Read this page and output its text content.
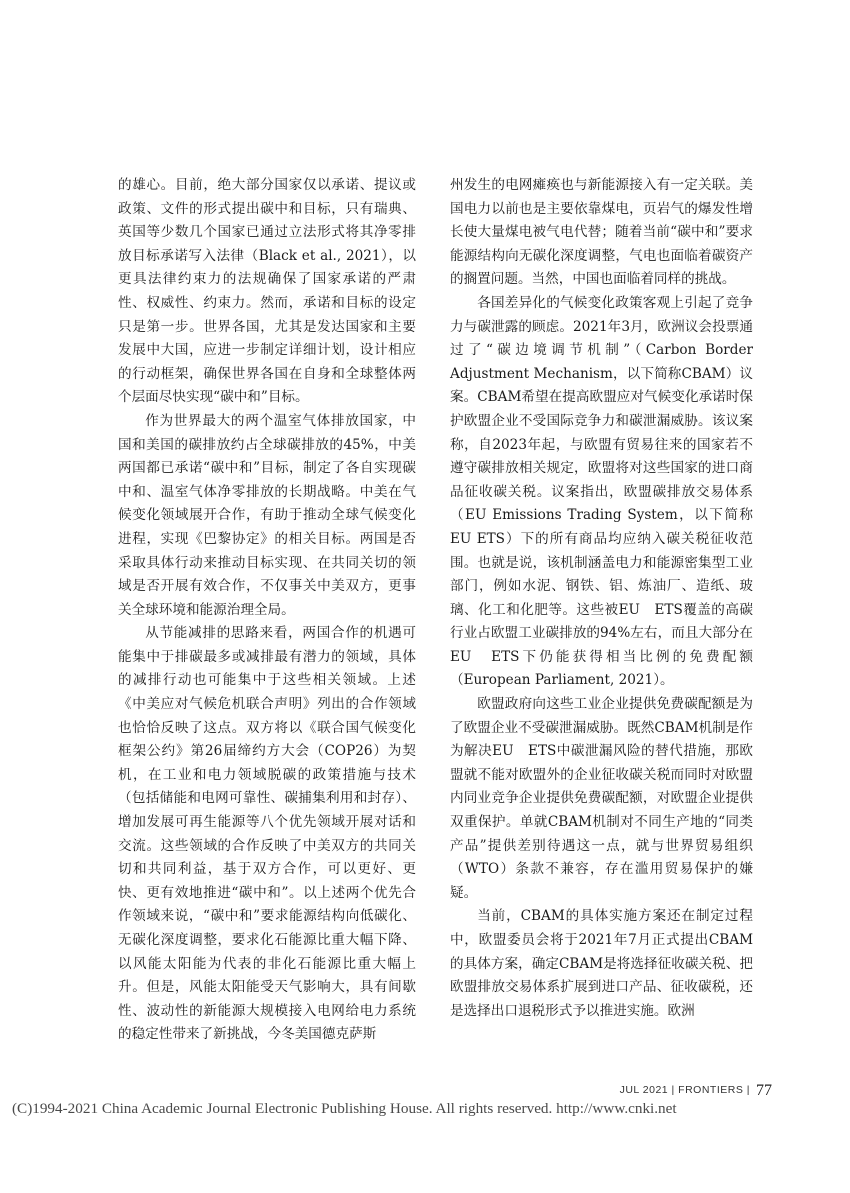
的雄心。目前，绝大部分国家仅以承诺、提议或政策、文件的形式提出碳中和目标，只有瑞典、英国等少数几个国家已通过立法形式将其净零排放目标承诺写入法律（Black et al., 2021），以更具法律约束力的法规确保了国家承诺的严肃性、权威性、约束力。然而，承诺和目标的设定只是第一步。世界各国，尤其是发达国家和主要发展中大国，应进一步制定详细计划，设计相应的行动框架，确保世界各国在自身和全球整体两个层面尽快实现“碳中和”目标。

作为世界最大的两个温室气体排放国家，中国和美国的碳排放约占全球碳排放的45%，中美两国都已承诺“碳中和”目标，制定了各自实现碳中和、温室气体净零排放的长期战略。中美在气候变化领域展开合作，有助于推动全球气候变化进程，实现《巴黎协定》的相关目标。两国是否采取具体行动来推动目标实现、在共同关切的领域是否开展有效合作，不仅事关中美双方，更事关全球环境和能源治理全局。

从节能减排的思路来看，两国合作的机遇可能集中于排碳最多或减排最有潜力的领域，具体的减排行动也可能集中于这些相关领域。上述《中美应对气候危机联合声明》列出的合作领域也恰恰反映了这点。双方将以《联合国气候变化框架公约》第26届缔约方大会（COP26）为契机，在工业和电力领域脱碳的政策措施与技术（包括储能和电网可靠性、碳捕集利用和封存）、增加发展可再生能源等八个优先领域开展对话和交流。这些领域的合作反映了中美双方的共同关切和共同利益，基于双方合作，可以更好、更快、更有效地推进“碳中和”。以上述两个优先合作领域来说，“碳中和”要求能源结构向低碳化、无碳化深度调整，要求化石能源比重大幅下降、以风能太阳能为代表的非化石能源比重大幅上升。但是，风能太阳能受天气影响大，具有间歇性、波动性的新能源大规模接入电网给电力系统的稳定性带来了新挑战，今冬美国德克萨斯

州发生的电网瘫痪也与新能源接入有一定关联。美国电力以前也是主要依靠煤电，页岩气的爆发性增长使大量煤电被气电代替；随着当前“碳中和”要求能源结构向无碳化深度调整，气电也面临着碳资产的搁置问题。当然，中国也面临着同样的挑战。

各国差异化的气候变化政策客观上引起了竞争力与碳泄露的顾虑。2021年3月，欧洲议会投票通过了“碳边境调节机制”（Carbon Border Adjustment Mechanism，以下简称CBAM）议案。CBAM希望在提高欧盟应对气候变化承诺时保护欧盟企业不受国际竞争力和碳泄漏威胁。该议案称，自2023年起，与欧盟有贸易往来的国家若不遵守碳排放相关规定，欧盟将对这些国家的进口商品征收碳关税。议案指出，欧盟碳排放交易体系（EU Emissions Trading System，以下简称EU ETS）下的所有商品均应纳入碳关税征收范围。也就是说，该机制涵盖电力和能源密集型工业部门，例如水泥、钢铁、铝、炼油厂、造纸、玻璃、化工和化肥等。这些被EU　ETS覆盖的高碳行业占欧盟工业碳排放的94%左右，而且大部分在EU　ETS下仍能获得相当比例的免费配额（European Parliament, 2021）。

欧盟政府向这些工业企业提供免费碳配额是为了欧盟企业不受碳泄漏威胁。既然CBAM机制是作为解决EU　ETS中碳泄漏风险的替代措施，那欧盟就不能对欧盟外的企业征收碳关税而同时对欧盟内同业竞争企业提供免费碳配额，对欧盟企业提供双重保护。单就CBAM机制对不同生产地的“同类产品”提供差别待遇这一点，就与世界贸易组织（WTO）条款不兼容，存在滥用贸易保护的嫌疑。

当前，CBAM的具体实施方案还在制定过程中，欧盟委员会将于2021年7月正式提出CBAM的具体方案，确定CBAM是将选择征收碳关税、把欧盟排放交易体系扩展到进口产品、征收碳税，还是选择出口退税形式予以推进实施。欧洲

JUL 2021 | FRONTIERS | 77
(C)1994-2021 China Academic Journal Electronic Publishing House. All rights reserved. http://www.cnki.net
